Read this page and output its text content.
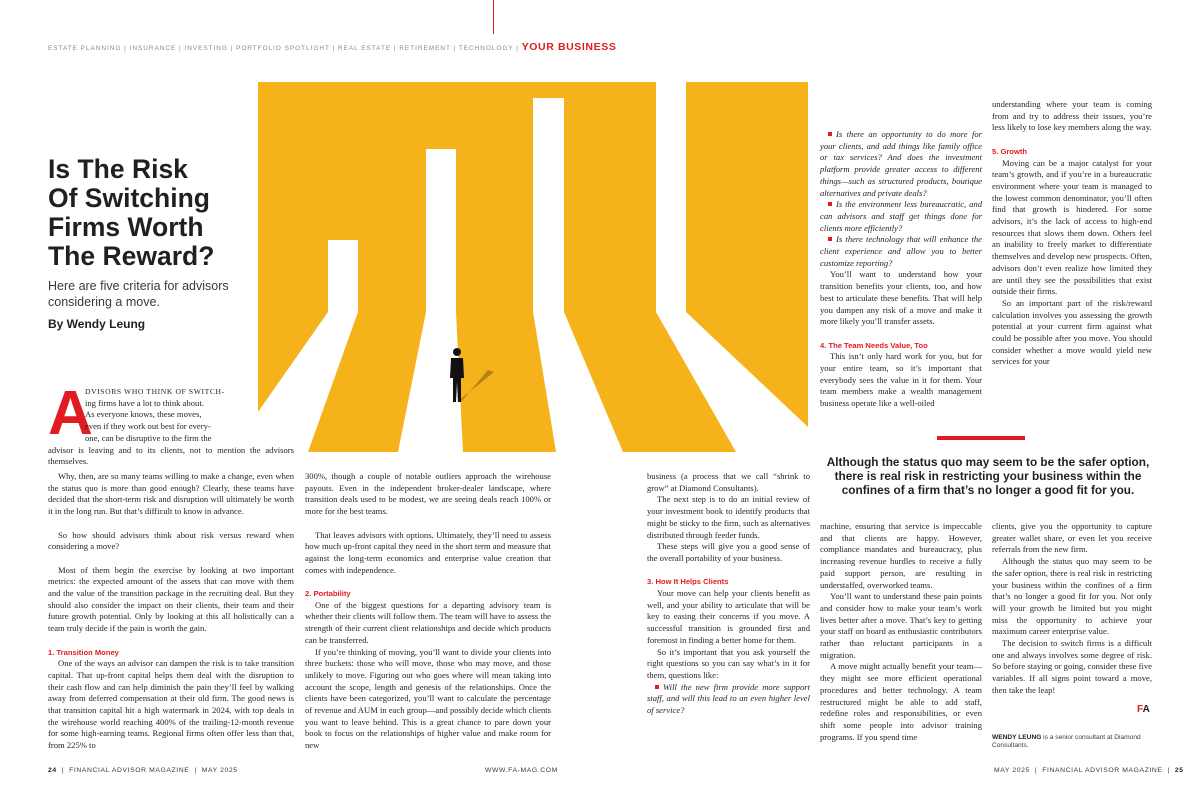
ESTATE PLANNING | INSURANCE | INVESTING | PORTFOLIO SPOTLIGHT | REAL ESTATE | RETIREMENT | TECHNOLOGY | YOUR BUSINESS
Is The Risk
Of Switching
Firms Worth
The Reward?
Here are five criteria for advisors considering a move.
By Wendy Leung
A
DVISORS WHO THINK OF SWITCH-
ing firms have a lot to think about.
As everyone knows, these moves,
even if they work out best for every-
one, can be disruptive to the firm the

advisor is leaving and to its clients, not to mention the advisors themselves.

Why, then, are so many teams willing to make a change, even when the status quo is more than good enough? Clearly, these teams have decided that the short-term risk and disruption will ultimately be worth it in the long run. But that’s difficult to know in advance.

So how should advisors think about risk versus reward when considering a move?

Most of them begin the exercise by looking at two important metrics: the expected amount of the assets that can move with them and the value of the transition package in the recruiting deal. But they should also consider the impact on their clients, their team and their future growth potential. Only by looking at this all holistically can a team truly decide if the pain is worth the gain.

1. Transition Money

One of the ways an advisor can dampen the risk is to take transition capital. That up-front capital helps them deal with the disruption to their cash flow and can help diminish the pain they’ll feel by walking away from deferred compensation at their old firm. The good news is that transition capital hit a high watermark in 2024, with top deals in the wirehouse world reaching 400% of the trailing-12-month revenue for some high-earning teams. Regional firms often offer less than that, from 225% to

300%, though a couple of notable outliers approach the wirehouse payouts. Even in the independent broker-dealer landscape, where transition deals used to be modest, we are seeing deals reach 100% or more for the best teams.

That leaves advisors with options. Ultimately, they’ll need to assess how much up-front capital they need in the short term and measure that against the long-term economics and enterprise value creation that comes with independence.

2. Portability

One of the biggest questions for a departing advisory team is whether their clients will follow them. The team will have to assess the strength of their current client relationships and decide which products can be transferred.

If you’re thinking of moving, you’ll want to divide your clients into three buckets: those who will move, those who may move, and those unlikely to move. Figuring out who goes where will mean taking into account the scope, length and genesis of the relationships. Once the clients have been categorized, you’ll want to calculate the percentage of revenue and AUM in each group—and possibly decide which clients you want to leave behind. This is a great chance to pare down your book to focus on the relationships of higher value and make room for new

business (a process that we call “shrink to grow” at Diamond Consultants).

The next step is to do an initial review of your investment book to identify products that might be sticky to the firm, such as alternatives distributed through feeder funds.

These steps will give you a good sense of the overall portability of your business.

3. How It Helps Clients

Your move can help your clients benefit as well, and your ability to articulate that will be key to easing their concerns if you move. A successful transition is grounded first and foremost in finding a better home for them.

So it’s important that you ask yourself the right questions so you can say what’s in it for them, questions like:

Will the new firm provide more support staff, and will this lead to an even higher level of service?

Is there an opportunity to do more for your clients, and add things like family office or tax services? And does the investment platform provide greater access to different things—such as structured products, boutique alternatives and private deals?

Is the environment less bureaucratic, and can advisors and staff get things done for clients more efficiently?

Is there technology that will enhance the client experience and allow you to better customize reporting?

You’ll want to understand how your transition benefits your clients, too, and how best to articulate these benefits. That will help you dampen any risk of a move and make it more likely you’ll transfer assets.

4. The Team Needs Value, Too

This isn’t only hard work for you, but for your entire team, so it’s important that everybody sees the value in it for them. Your team members make a wealth management business operate like a well-oiled

understanding where your team is coming from and try to address their issues, you’re less likely to lose key members along the way.

5. Growth

Moving can be a major catalyst for your team’s growth, and if you’re in a bureaucratic environment where your team is managed to the lowest common denominator, you’ll often find that growth is hindered. For some advisors, it’s the lack of access to high-end resources that slows them down. Others feel an inability to freely market to differentiate themselves and develop new prospects. Often, advisors don’t even realize how limited they are until they see the possibilities that exist outside their firms.

So an important part of the risk/reward calculation involves you assessing the growth potential at your current firm against what could be possible after you move. You should consider whether a move would yield new services for your

Although the status quo may seem to be the safer option, there is real risk in restricting your business within the confines of a firm that’s no longer a good fit for you.

machine, ensuring that service is impeccable and that clients are happy. However, compliance mandates and bureaucracy, plus increasing revenue hurdles to receive a fully paid support person, are resulting in understaffed, overworked teams.

You’ll want to understand these pain points and consider how to make your team’s work lives better after a move. That’s key to getting your staff on board as enthusiastic contributors rather than reluctant participants in a migration.

A move might actually benefit your team—they might see more efficient operational procedures and better technology. A team restructured might be able to add staff, redefine roles and responsibilities, or even shift some people into advisor training programs. If you spend time

clients, give you the opportunity to capture greater wallet share, or even let you receive referrals from the new firm.

Although the status quo may seem to be the safer option, there is real risk in restricting your business within the confines of a firm that’s no longer a good fit for you. Not only will your growth be limited but you might miss the opportunity to achieve your maximum career enterprise value.

The decision to switch firms is a difficult one and always involves some degree of risk. So before staying or going, consider these five variables. If all signs point toward a move, then take the leap!

FA
WENDY LEUNG is a senior consultant at Diamond Consultants.
24  |  FINANCIAL ADVISOR MAGAZINE  |  MAY 2025	WWW.FA-MAG.COM	MAY 2025  |  FINANCIAL ADVISOR MAGAZINE  |  25
